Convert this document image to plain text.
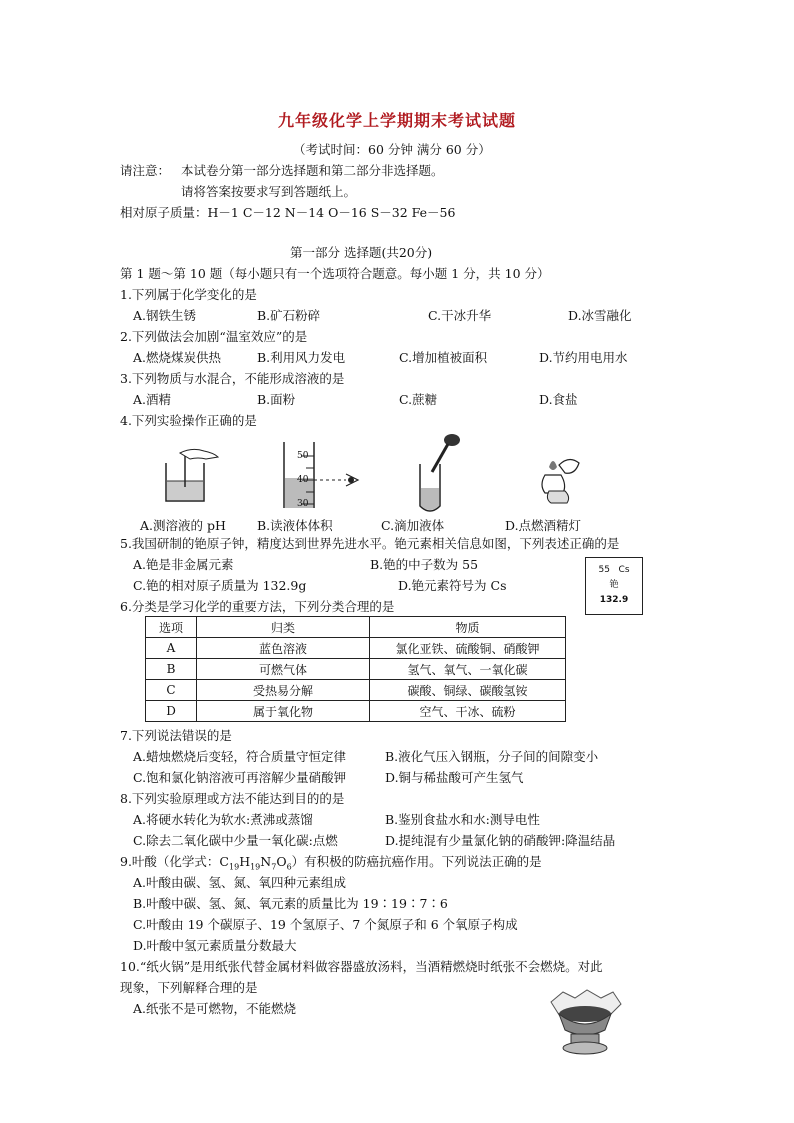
九年级化学上学期期末考试试题
（考试时间：60 分钟 满分 60 分）
请注意： 本试卷分第一部分选择题和第二部分非选择题。
请将答案按要求写到答题纸上。
相对原子质量：H－1 C－12 N－14 O－16 S－32 Fe－56
第一部分 选择题(共20分)
第 1 题～第 10 题（每小题只有一个选项符合题意。每小题 1 分，共 10 分）
1.下列属于化学变化的是
A.钢铁生锈	B.矿石粉碎	C.干冰升华	D.冰雪融化
2.下列做法会加剧“温室效应”的是
A.燃烧煤炭供热	B.利用风力发电	C.增加植被面积	D.节约用电用水
3.下列物质与水混合，不能形成溶液的是
A.酒精	B.面粉	C.蔗糖	D.食盐
4.下列实验操作正确的是
50
40
30
A.测溶液的 pH B.读液体体积	C.滴加液体	D.点燃酒精灯
5.我国研制的铯原子钟，精度达到世界先进水平。铯元素相关信息如图，下列表述正确的是
A.铯是非金属元素	B.铯的中子数为 55
C.铯的相对原子质量为 132.9g	D.铯元素符号为 Cs
55 Cs
铯
132.9
6.分类是学习化学的重要方法，下列分类合理的是
选项	归类	物质
A	蓝色溶液	氯化亚铁、硫酸铜、硝酸钾
B	可燃气体	氢气、氧气、一氧化碳
C	受热易分解	碳酸、铜绿、碳酸氢铵
D	属于氧化物	空气、干冰、硫粉
7.下列说法错误的是
A.蜡烛燃烧后变轻，符合质量守恒定律	B.液化气压入钢瓶，分子间的间隙变小
C.饱和氯化钠溶液可再溶解少量硝酸钾	D.铜与稀盐酸可产生氢气
8.下列实验原理或方法不能达到目的的是
A.将硬水转化为软水:煮沸或蒸馏	B.鉴别食盐水和水:测导电性
C.除去二氧化碳中少量一氧化碳:点燃	D.提纯混有少量氯化钠的硝酸钾:降温结晶
9.叶酸（化学式：$C_{19}H_{19}N_7O_6$）有积极的防癌抗癌作用。下列说法正确的是
A.叶酸由碳、氢、氮、氧四种元素组成
B.叶酸中碳、氢、氮、氧元素的质量比为 19∶19∶7∶6
C.叶酸由 19 个碳原子、19 个氢原子、7 个氮原子和 6 个氧原子构成
D.叶酸中氢元素质量分数最大
10.“纸火锅”是用纸张代替金属材料做容器盛放汤料，当酒精燃烧时纸张不会燃烧。对此
现象，下列解释合理的是
A.纸张不是可燃物，不能燃烧
